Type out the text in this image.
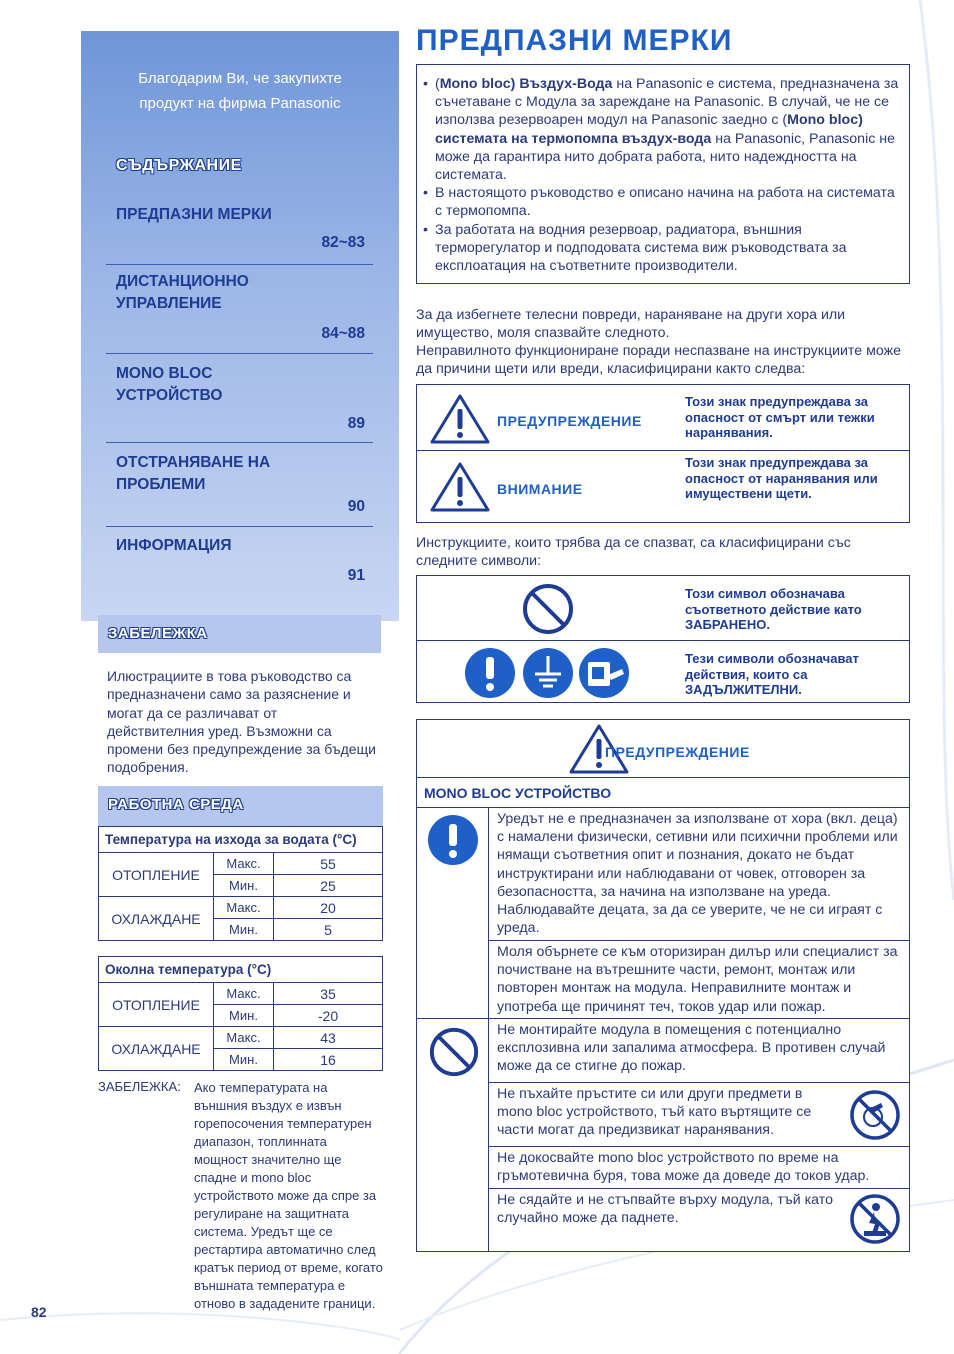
Благодарим Ви, че закупихте
продукт на фирма Panasonic
СЪДЪРЖАНИЕ
ПРЕДПАЗНИ МЕРКИ
82~83
ДИСТАНЦИОННО
УПРАВЛЕНИЕ
84~88
MONO BLOC
УСТРОЙСТВО
89
ОТСТРАНЯВАНЕ НА
ПРОБЛЕМИ
90
ИНФОРМАЦИЯ
91
ЗАБЕЛЕЖКА
Илюстрациите в това ръководство са предназначени само за разяснение и могат да се различават от действителния уред. Възможни са промени без предупреждение за бъдещи подобрения.
РАБОТНА СРЕДА
Температура на изхода за водата (°C)		
ОТОПЛЕНИЕ	Макс.	55
	Мин.	25
ОХЛАЖДАНЕ	Макс.	20
	Мин.	5
Околна температура (°C)		
ОТОПЛЕНИЕ	Макс.	35
	Мин.	-20
ОХЛАЖДАНЕ	Макс.	43
	Мин.	16
ЗАБЕЛЕЖКА: Ако температурата на външния въздух е извън горепосочения температурен диапазон, топлинната мощност значително ще спадне и mono bloc устройството може да спре за регулиране на защитната система. Уредът ще се рестартира автоматично след кратък период от време, когато външната температура е отново в зададените граници.
82
ПРЕДПАЗНИ МЕРКИ
• (Mono bloc) Въздух-Вода на Panasonic е система, предназначена за съчетаване с Модула за зареждане на Panasonic. В случай, че не се използва резервоарен модул на Panasonic заедно с (Mono bloc) системата на термопомпа въздух-вода на Panasonic, Panasonic не може да гарантира нито добрата работа, нито надеждността на системата.
• В настоящото ръководство е описано начина на работа на системата с термопомпа.
• За работата на водния резервоар, радиатора, външния терморегулатор и подподовата система виж ръководствата за експлоатация на съответните производители.
За да избегнете телесни повреди, нараняване на други хора или имущество, моля спазвайте следното.
Неправилното функциониране поради неспазване на инструкциите може да причини щети или вреди, класифицирани както следва:
ПРЕДУПРЕЖДЕНИЕ
Този знак предупреждава за опасност от смърт или тежки наранявания.
ВНИМАНИЕ
Този знак предупреждава за опасност от наранявания или имуществени щети.
Инструкциите, които трябва да се спазват, са класифицирани със следните символи:
Този символ обозначава съответното действие като ЗАБРАНЕНО.
Тези символи обозначават действия, които са ЗАДЪЛЖИТЕЛНИ.
ПРЕДУПРЕЖДЕНИЕ
MONO BLOC УСТРОЙСТВО
Уредът не е предназначен за използване от хора (вкл. деца) с намалени физически, сетивни или психични проблеми или нямащи съответния опит и познания, докато не бъдат инструктирани или наблюдавани от човек, отговорен за безопасността, за начина на използване на уреда. Наблюдавайте децата, за да се уверите, че не си играят с уреда.
Моля обърнете се към оторизиран дилър или специалист за почистване на вътрешните части, ремонт, монтаж или повторен монтаж на модула. Неправилните монтаж и употреба ще причинят теч, токов удар или пожар.
Не монтирайте модула в помещения с потенциално експлозивна или запалима атмосфера. В противен случай може да се стигне до пожар.
Не пъхайте пръстите си или други предмети в mono bloc устройството, тъй като въртящите се части могат да предизвикат наранявания.
Не докосвайте mono bloc устройството по време на гръмотевична буря, това може да доведе до токов удар.
Не сядайте и не стъпвайте върху модула, тъй като случайно може да паднете.
